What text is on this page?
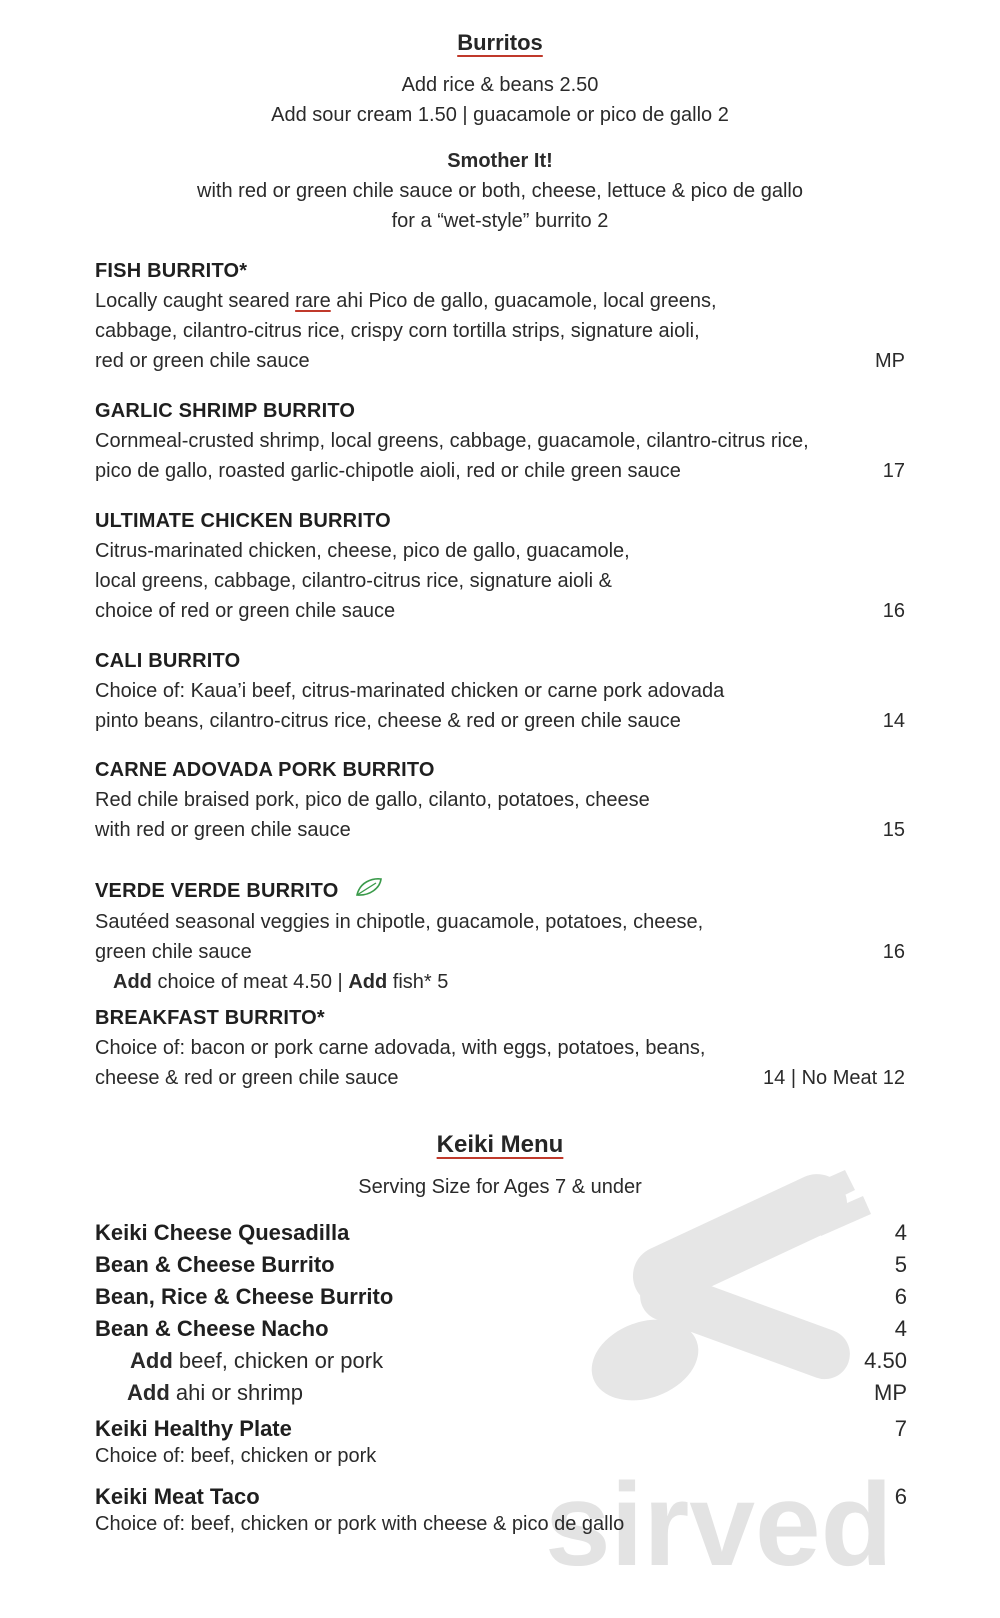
Burritos
Add rice & beans 2.50
Add sour cream 1.50 | guacamole or pico de gallo 2
Smother It!
with red or green chile sauce or both, cheese, lettuce & pico de gallo
for a “wet-style” burrito 2
FISH BURRITO*
Locally caught seared rare ahi Pico de gallo, guacamole, local greens,
cabbage, cilantro-citrus rice, crispy corn tortilla strips, signature aioli,
red or green chile sauce	MP
GARLIC SHRIMP BURRITO
Cornmeal-crusted shrimp, local greens, cabbage, guacamole, cilantro-citrus rice,
pico de gallo, roasted garlic-chipotle aioli, red or chile green sauce	17
ULTIMATE CHICKEN BURRITO
Citrus-marinated chicken, cheese, pico de gallo, guacamole,
local greens, cabbage, cilantro-citrus rice, signature aioli &
choice of red or green chile sauce	16
CALI BURRITO
Choice of: Kaua’i beef, citrus-marinated chicken or carne pork adovada
pinto beans, cilantro-citrus rice, cheese & red or green chile sauce	14
CARNE ADOVADA PORK BURRITO
Red chile braised pork, pico de gallo, cilanto, potatoes, cheese
with red or green chile sauce	15
VERDE VERDE BURRITO
Sautéed seasonal veggies in chipotle, guacamole, potatoes, cheese,
green chile sauce	16
Add choice of meat 4.50 | Add fish* 5
BREAKFAST BURRITO*
Choice of: bacon or pork carne adovada, with eggs, potatoes, beans,
cheese & red or green chile sauce	14 | No Meat 12
sirved
Keiki Menu
Serving Size for Ages 7 & under
Keiki Cheese Quesadilla	4
Bean & Cheese Burrito	5
Bean, Rice & Cheese Burrito	6
Bean & Cheese Nacho	4
Add beef, chicken or pork	4.50
Add ahi or shrimp	MP
Keiki Healthy Plate	7
Choice of: beef, chicken or pork
Keiki Meat Taco	6
Choice of: beef, chicken or pork with cheese & pico de gallo
